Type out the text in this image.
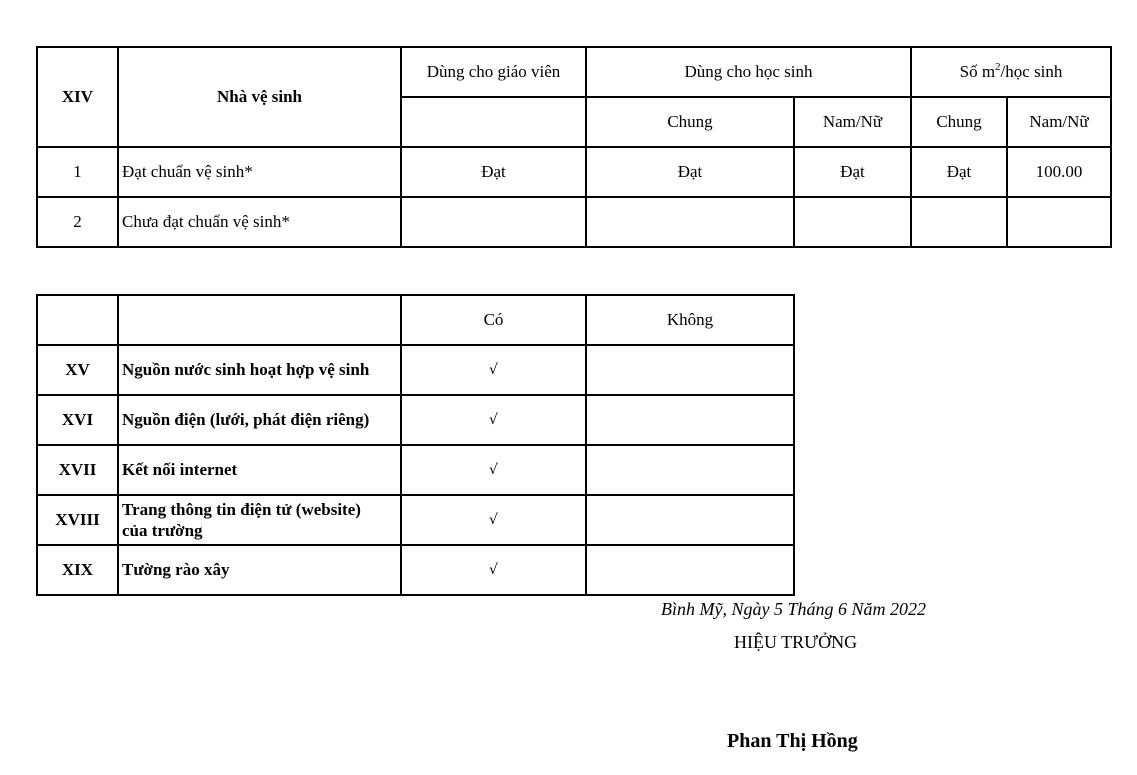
XIV	Nhà vệ sinh	Dùng cho giáo viên	Dùng cho học sinh		Số $m^2$/học sinh	
			Chung	Nam/Nữ	Chung	Nam/Nữ
1	Đạt chuẩn vệ sinh*	Đạt	Đạt	Đạt	Đạt	100.00
2	Chưa đạt chuẩn vệ sinh*					
		Có	Không
XV	Nguồn nước sinh hoạt hợp vệ sinh	√	
XVI	Nguồn điện (lưới, phát điện riêng)	√	
XVII	Kết nối internet	√	
XVIII	Trang thông tin điện tử (website)
của trường	√	
XIX	Tường rào xây	√	
Bình Mỹ, Ngày 5 Tháng 6 Năm 2022
HIỆU TRƯỞNG
Phan Thị Hồng
